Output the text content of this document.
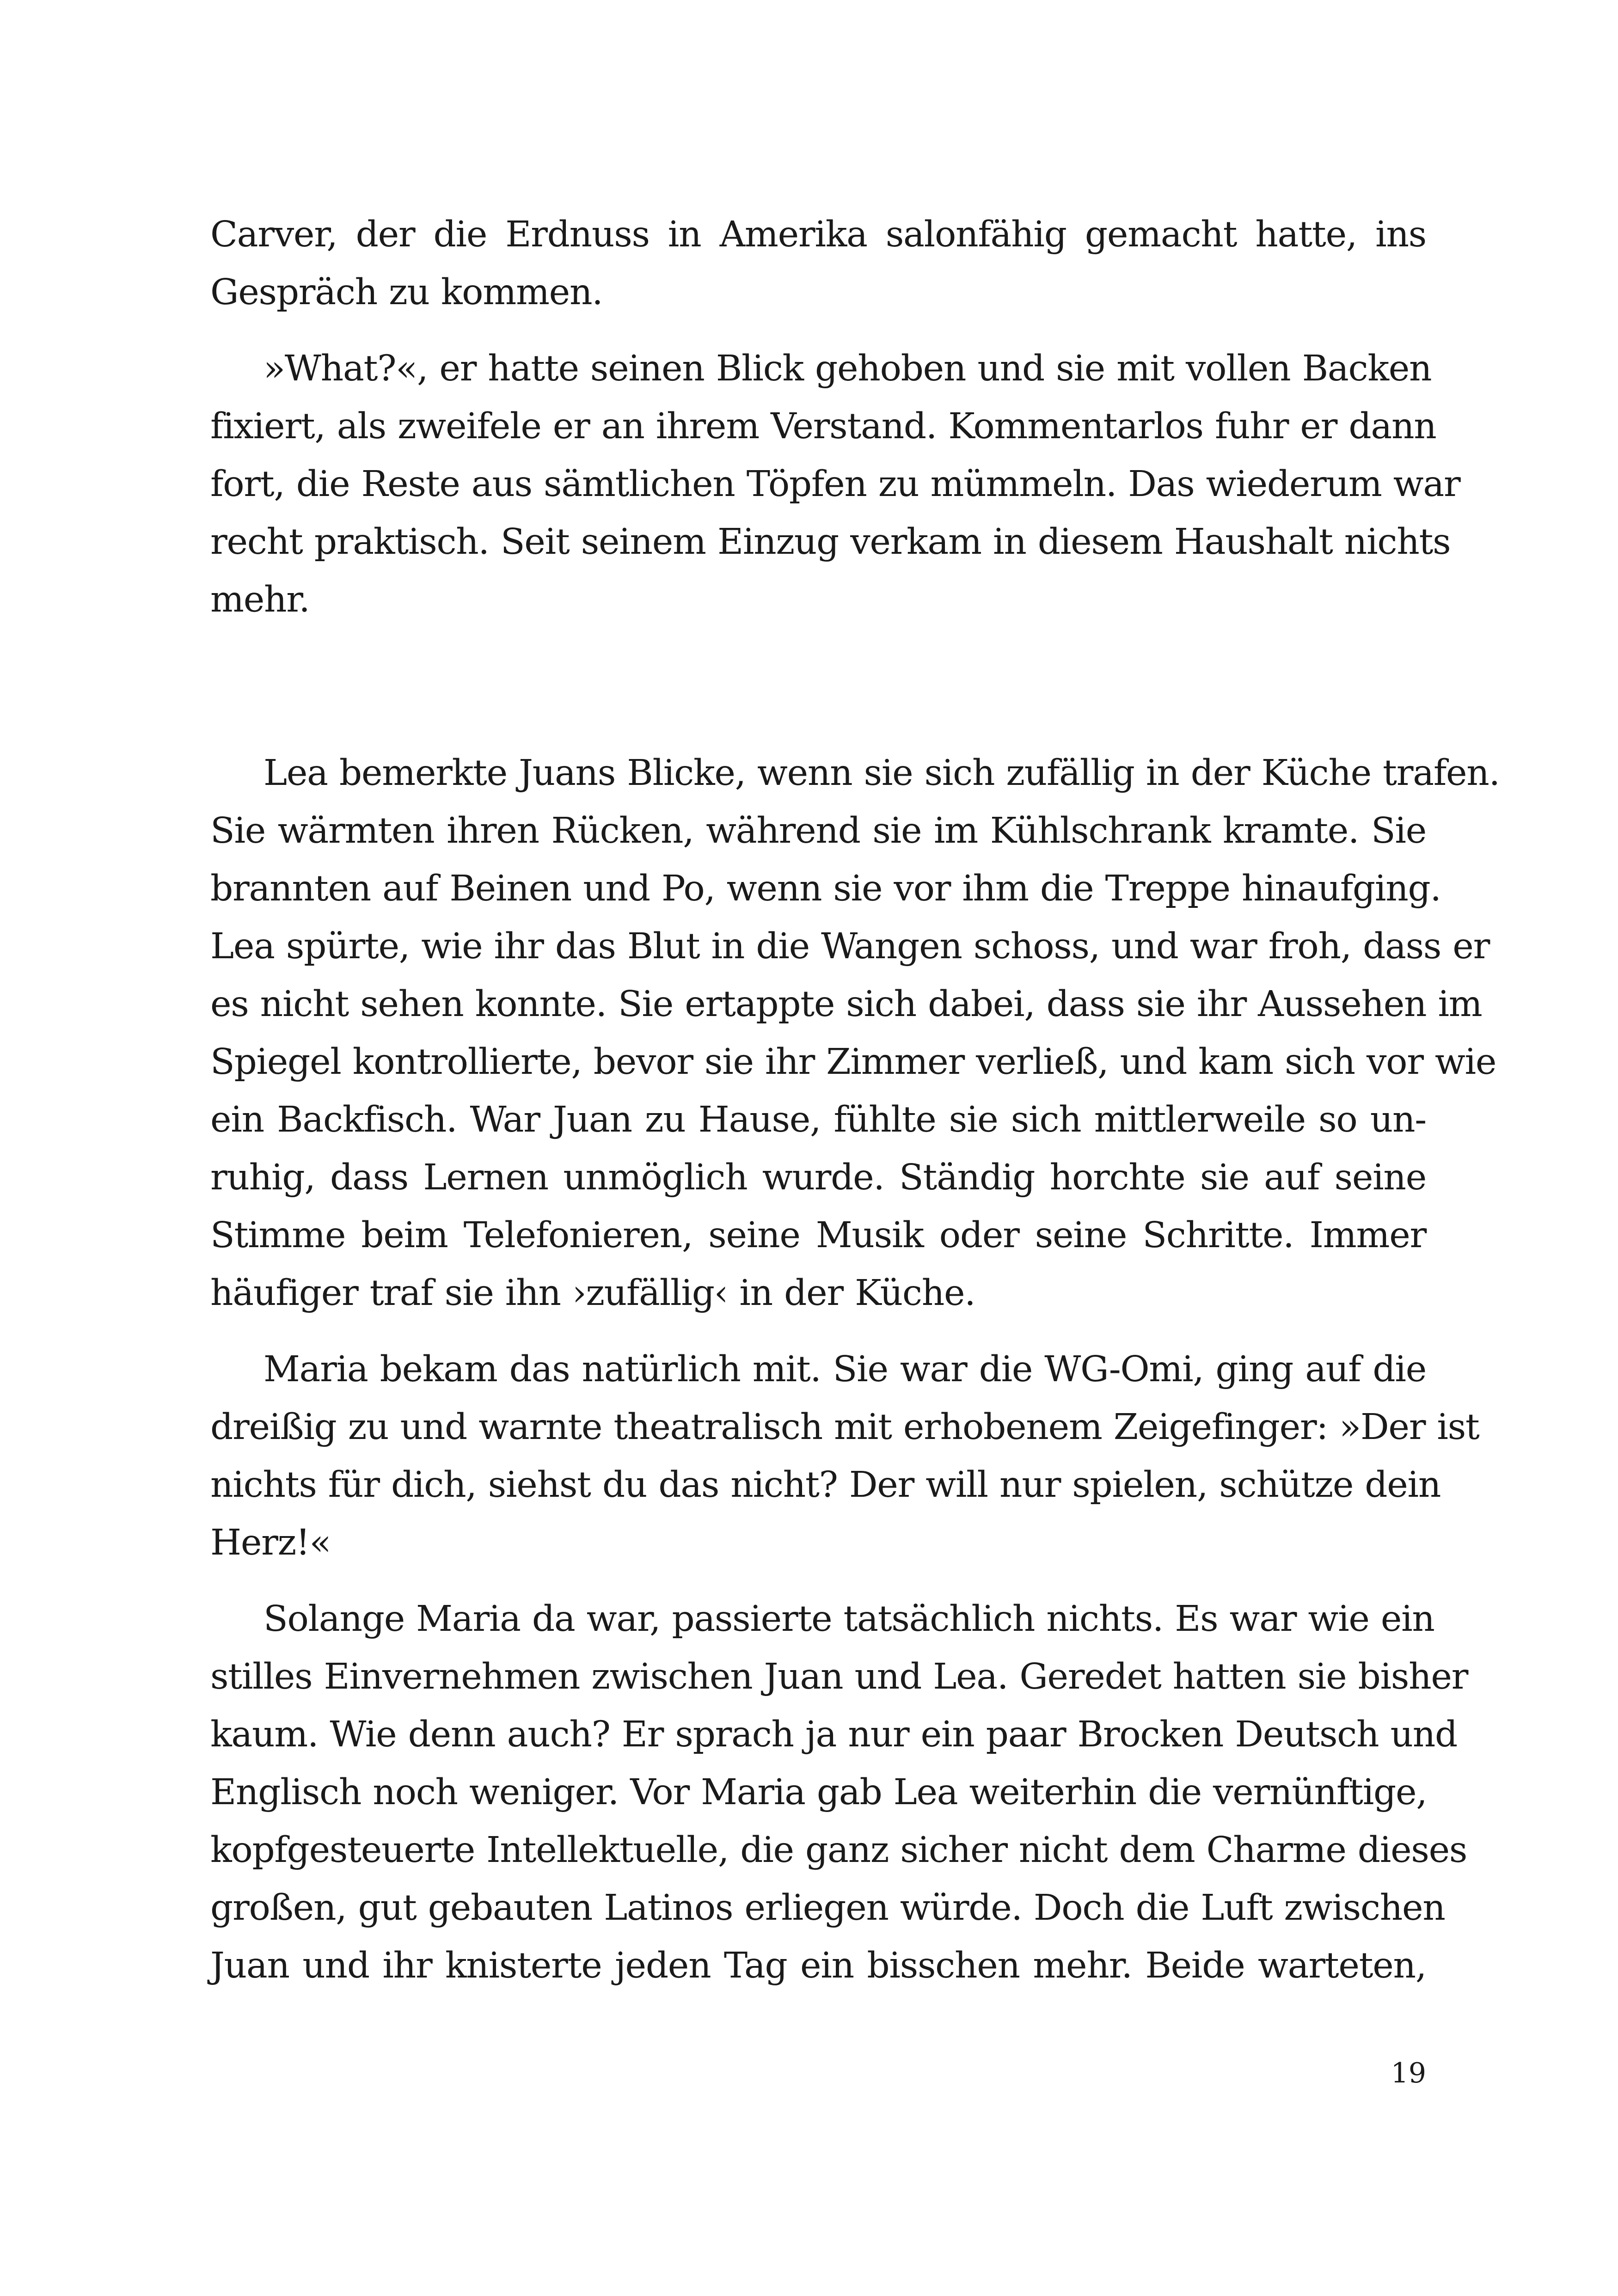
Carver, der die Erdnuss in Amerika salonfähig gemacht hatte, ins
Gespräch zu kommen.
»What?«, er hatte seinen Blick gehoben und sie mit vollen Backen
fixiert, als zweifele er an ihrem Verstand. Kommentarlos fuhr er dann
fort, die Reste aus sämtlichen Töpfen zu mümmeln. Das wiederum war
recht praktisch. Seit seinem Einzug verkam in diesem Haushalt nichts
mehr.
Lea bemerkte Juans Blicke, wenn sie sich zufällig in der Küche trafen.
Sie wärmten ihren Rücken, während sie im Kühlschrank kramte. Sie
brannten auf Beinen und Po, wenn sie vor ihm die Treppe hinaufging.
Lea spürte, wie ihr das Blut in die Wangen schoss, und war froh, dass er
es nicht sehen konnte. Sie ertappte sich dabei, dass sie ihr Aussehen im
Spiegel kontrollierte, bevor sie ihr Zimmer verließ, und kam sich vor wie
ein Backfisch. War Juan zu Hause, fühlte sie sich mittlerweile so un-
ruhig, dass Lernen unmöglich wurde. Ständig horchte sie auf seine
Stimme beim Telefonieren, seine Musik oder seine Schritte. Immer
häufiger traf sie ihn ›zufällig‹ in der Küche.
Maria bekam das natürlich mit. Sie war die WG-Omi, ging auf die
dreißig zu und warnte theatralisch mit erhobenem Zeigefinger: »Der ist
nichts für dich, siehst du das nicht? Der will nur spielen, schütze dein
Herz!«
Solange Maria da war, passierte tatsächlich nichts. Es war wie ein
stilles Einvernehmen zwischen Juan und Lea. Geredet hatten sie bisher
kaum. Wie denn auch? Er sprach ja nur ein paar Brocken Deutsch und
Englisch noch weniger. Vor Maria gab Lea weiterhin die vernünftige,
kopfgesteuerte Intellektuelle, die ganz sicher nicht dem Charme dieses
großen, gut gebauten Latinos erliegen würde. Doch die Luft zwischen
Juan und ihr knisterte jeden Tag ein bisschen mehr. Beide warteten,
19
